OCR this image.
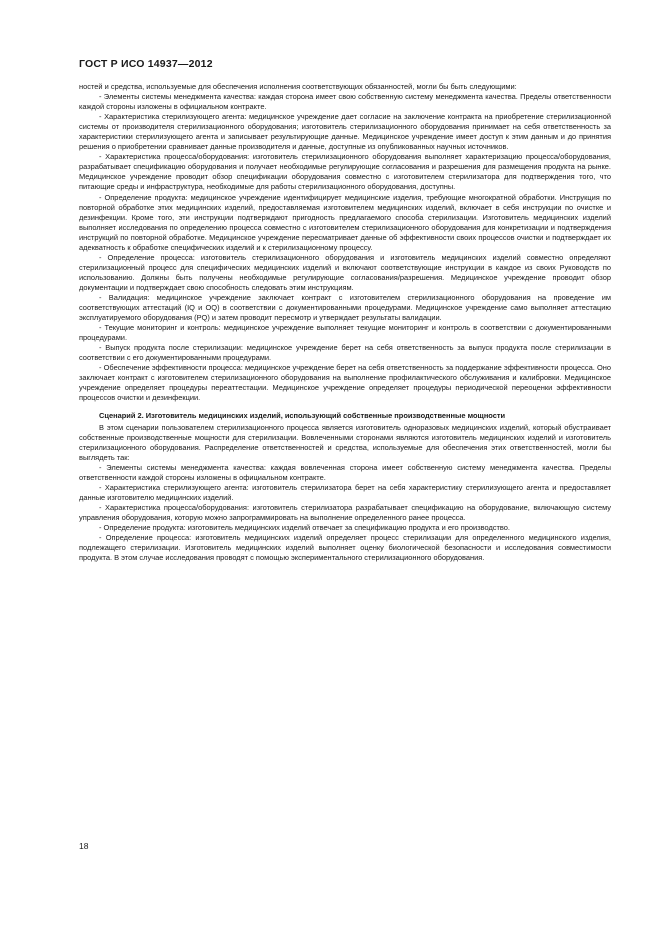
ГОСТ Р ИСО 14937—2012

ностей и средства, используемые для обеспечения исполнения соответствующих обязанностей, могли бы быть следующими:

- Элементы системы менеджмента качества: каждая сторона имеет свою собственную систему менеджмента качества. Пределы ответственности каждой стороны изложены в официальном контракте.

- Характеристика стерилизующего агента: медицинское учреждение дает согласие на заключение контракта на приобретение стерилизационной системы от производителя стерилизационного оборудования; изготовитель стерилизационного оборудования принимает на себя ответственность за характеристики стерилизующего агента и записывает результирующие данные. Медицинское учреждение имеет доступ к этим данным и до принятия решения о приобретении сравнивает данные производителя и данные, доступные из опубликованных научных источников.

- Характеристика процесса/оборудования: изготовитель стерилизационного оборудования выполняет характеризацию процесса/оборудования, разрабатывает спецификацию оборудования и получает необходимые регулирующие согласования и разрешения для размещения продукта на рынке. Медицинское учреждение проводит обзор спецификации оборудования совместно с изготовителем стерилизатора для подтверждения того, что питающие среды и инфраструктура, необходимые для работы стерилизационного оборудования, доступны.

- Определение продукта: медицинское учреждение идентифицирует медицинские изделия, требующие многократной обработки. Инструкция по повторной обработке этих медицинских изделий, предоставляемая изготовителем медицинских изделий, включает в себя инструкции по очистке и дезинфекции. Кроме того, эти инструкции подтверждают пригодность предлагаемого способа стерилизации. Изготовитель медицинских изделий выполняет исследования по определению процесса совместно с изготовителем стерилизационного оборудования для конкретизации и подтверждения инструкций по повторной обработке. Медицинское учреждение пересматривает данные об эффективности своих процессов очистки и подтверждает их адекватность к обработке специфических изделий и к стерилизационному процессу.

- Определение процесса: изготовитель стерилизационного оборудования и изготовитель медицинских изделий совместно определяют стерилизационный процесс для специфических медицинских изделий и включают соответствующие инструкции в каждое из своих Руководств по использованию. Должны быть получены необходимые регулирующие согласования/разрешения. Медицинское учреждение проводит обзор документации и подтверждает свою способность следовать этим инструкциям.

- Валидация: медицинское учреждение заключает контракт с изготовителем стерилизационного оборудования на проведение им соответствующих аттестаций (IQ и OQ) в соответствии с документированными процедурами. Медицинское учреждение само выполняет аттестацию эксплуатируемого оборудования (PQ) и затем проводит пересмотр и утверждает результаты валидации.

- Текущие мониторинг и контроль: медицинское учреждение выполняет текущие мониторинг и контроль в соответствии с документированными процедурами.

- Выпуск продукта после стерилизации: медицинское учреждение берет на себя ответственность за выпуск продукта после стерилизации в соответствии с его документированными процедурами.

- Обеспечение эффективности процесса: медицинское учреждение берет на себя ответственность за поддержание эффективности процесса. Оно заключает контракт с изготовителем стерилизационного оборудования на выполнение профилактического обслуживания и калибровки. Медицинское учреждение определяет процедуры переаттестации. Медицинское учреждение определяет процедуры периодической переоценки эффективности процессов очистки и дезинфекции.

Сценарий 2. Изготовитель медицинских изделий, использующий собственные производственные мощности

В этом сценарии пользователем стерилизационного процесса является изготовитель одноразовых медицинских изделий, который обустраивает собственные производственные мощности для стерилизации. Вовлеченными сторонами являются изготовитель медицинских изделий и изготовитель стерилизационного оборудования. Распределение ответственностей и средства, используемые для обеспечения этих ответственностей, могли бы выглядеть так:

- Элементы системы менеджмента качества: каждая вовлеченная сторона имеет собственную систему менеджмента качества. Пределы ответственности каждой стороны изложены в официальном контракте.

- Характеристика стерилизующего агента: изготовитель стерилизатора берет на себя характеристику стерилизующего агента и предоставляет данные изготовителю медицинских изделий.

- Характеристика процесса/оборудования: изготовитель стерилизатора разрабатывает спецификацию на оборудование, включающую систему управления оборудования, которую можно запрограммировать на выполнение определенного ранее процесса.

- Определение продукта: изготовитель медицинских изделий отвечает за спецификацию продукта и его производство.

- Определение процесса: изготовитель медицинских изделий определяет процесс стерилизации для определенного медицинского изделия, подлежащего стерилизации. Изготовитель медицинских изделий выполняет оценку биологической безопасности и исследования совместимости продукта. В этом случае исследования проводят с помощью экспериментального стерилизационного оборудования.

18
